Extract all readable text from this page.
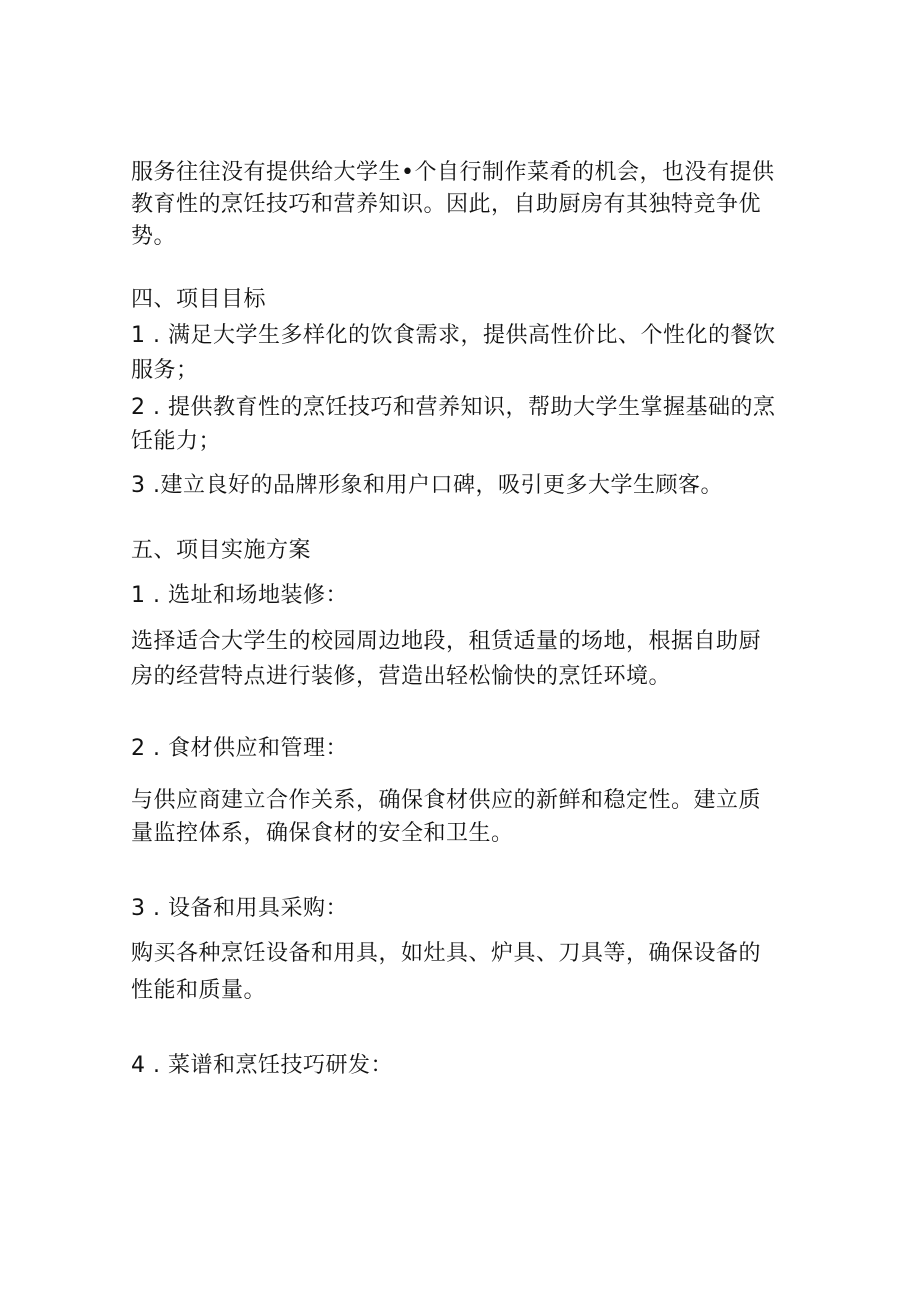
服务往往没有提供给大学生•个自行制作菜肴的机会，也没有提供
教育性的烹饪技巧和营养知识。因此，自助厨房有其独特竞争优
势。
四、项目目标
1 . 满足大学生多样化的饮食需求，提供高性价比、个性化的餐饮
服务；
2 . 提供教育性的烹饪技巧和营养知识，帮助大学生掌握基础的烹
饪能力；
3 .建立良好的品牌形象和用户口碑，吸引更多大学生顾客。
五、项目实施方案
1 . 选址和场地装修：
选择适合大学生的校园周边地段，租赁适量的场地，根据自助厨
房的经营特点进行装修，营造出轻松愉快的烹饪环境。
2 . 食材供应和管理：
与供应商建立合作关系，确保食材供应的新鲜和稳定性。建立质
量监控体系，确保食材的安全和卫生。
3 . 设备和用具采购：
购买各种烹饪设备和用具，如灶具、炉具、刀具等，确保设备的
性能和质量。
4 . 菜谱和烹饪技巧研发：
